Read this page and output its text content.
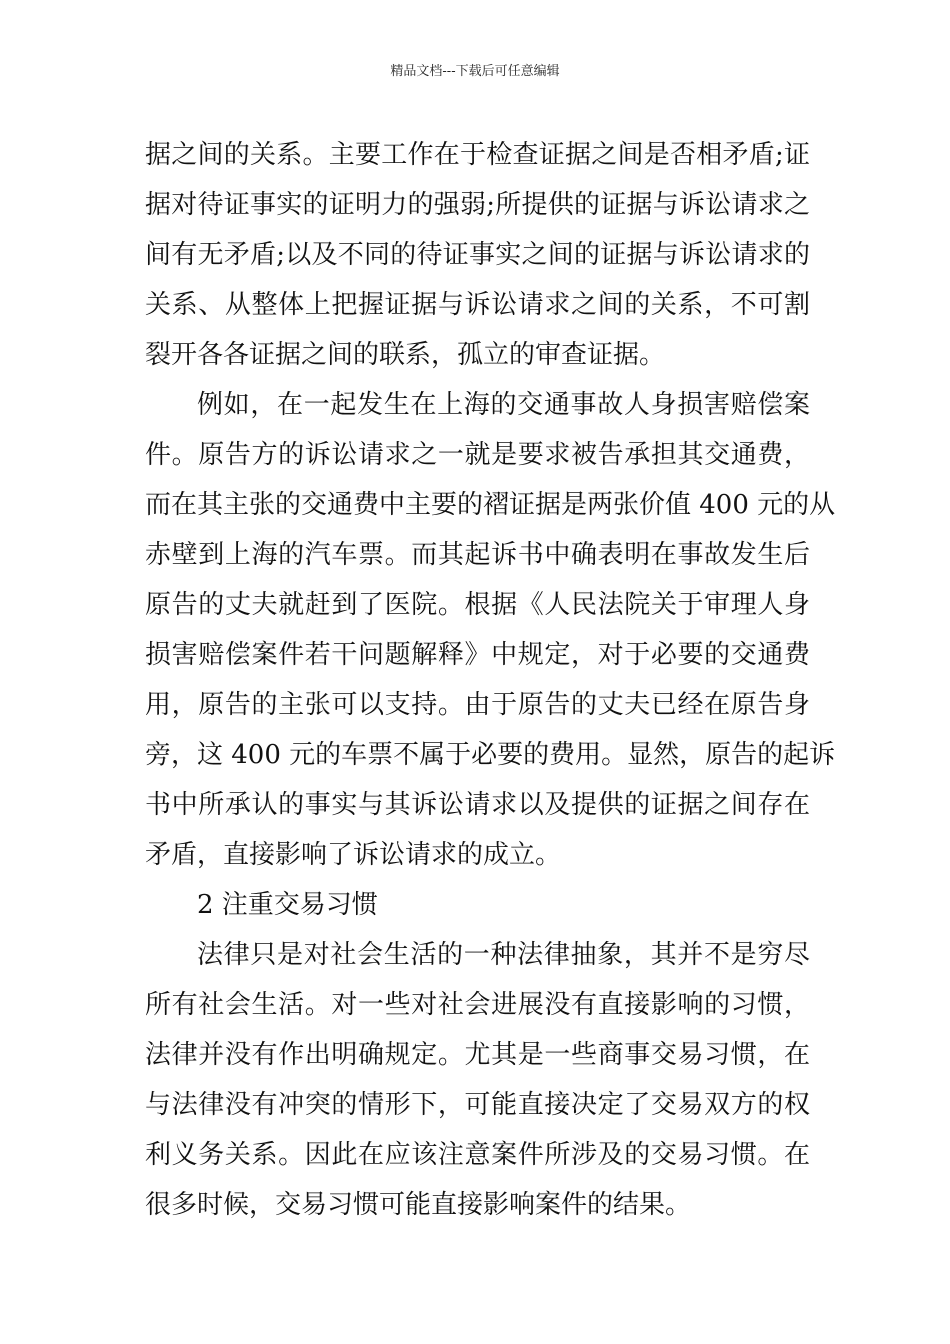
精品文档---下载后可任意编辑
据之间的关系。主要工作在于检查证据之间是否相矛盾;证
据对待证事实的证明力的强弱;所提供的证据与诉讼请求之
间有无矛盾;以及不同的待证事实之间的证据与诉讼请求的
关系、从整体上把握证据与诉讼请求之间的关系，不可割
裂开各各证据之间的联系，孤立的审查证据。
例如，在一起发生在上海的交通事故人身损害赔偿案
件。原告方的诉讼请求之一就是要求被告承担其交通费，
而在其主张的交通费中主要的褶证据是两张价值 400 元的从
赤壁到上海的汽车票。而其起诉书中确表明在事故发生后
原告的丈夫就赶到了医院。根据《人民法院关于审理人身
损害赔偿案件若干问题解释》中规定，对于必要的交通费
用，原告的主张可以支持。由于原告的丈夫已经在原告身
旁，这 400 元的车票不属于必要的费用。显然，原告的起诉
书中所承认的事实与其诉讼请求以及提供的证据之间存在
矛盾，直接影响了诉讼请求的成立。
2 注重交易习惯
法律只是对社会生活的一种法律抽象，其并不是穷尽
所有社会生活。对一些对社会进展没有直接影响的习惯，
法律并没有作出明确规定。尤其是一些商事交易习惯，在
与法律没有冲突的情形下，可能直接决定了交易双方的权
利义务关系。因此在应该注意案件所涉及的交易习惯。在
很多时候，交易习惯可能直接影响案件的结果。
